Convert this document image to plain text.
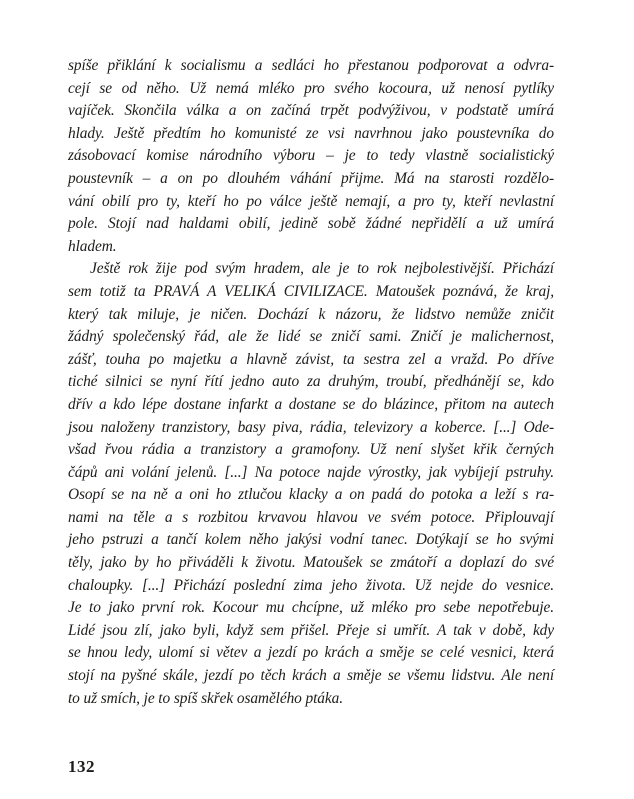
spíše přiklání k socialismu a sedláci ho přestanou podporovat a odvra-
cejí se od něho. Už nemá mléko pro svého kocoura, už nenosí pytlíky
vajíček. Skončila válka a on začíná trpět podvýživou, v podstatě umírá
hlady. Ještě předtím ho komunisté ze vsi navrhnou jako poustevníka do
zásobovací komise národního výboru – je to tedy vlastně socialistický
poustevník – a on po dlouhém váhání přijme. Má na starosti rozdělo-
vání obilí pro ty, kteří ho po válce ještě nemají, a pro ty, kteří nevlastní
pole. Stojí nad haldami obilí, jedině sobě žádné nepřidělí a už umírá
hladem.
Ještě rok žije pod svým hradem, ale je to rok nejbolestivější. Přichází
sem totiž ta PRAVÁ A VELIKÁ CIVILIZACE. Matoušek poznává, že kraj,
který tak miluje, je ničen. Dochází k názoru, že lidstvo nemůže zničit
žádný společenský řád, ale že lidé se zničí sami. Zničí je malichernost,
zášť, touha po majetku a hlavně závist, ta sestra zel a vražd. Po dříve
tiché silnici se nyní řítí jedno auto za druhým, troubí, předhánějí se, kdo
dřív a kdo lépe dostane infarkt a dostane se do blázince, přitom na autech
jsou naloženy tranzistory, basy piva, rádia, televizory a koberce. [...] Ode-
všad řvou rádia a tranzistory a gramofony. Už není slyšet křik černých
čápů ani volání jelenů. [...] Na potoce najde výrostky, jak vybíjejí pstruhy.
Osopí se na ně a oni ho ztlučou klacky a on padá do potoka a leží s ra-
nami na těle a s rozbitou krvavou hlavou ve svém potoce. Připlouvají
jeho pstruzi a tančí kolem něho jakýsi vodní tanec. Dotýkají se ho svými
těly, jako by ho přiváděli k životu. Matoušek se zmátoří a doplazí do své
chaloupky. [...] Přichází poslední zima jeho života. Už nejde do vesnice.
Je to jako první rok. Kocour mu chcípne, už mléko pro sebe nepotřebuje.
Lidé jsou zlí, jako byli, když sem přišel. Přeje si umřít. A tak v době, kdy
se hnou ledy, ulomí si větev a jezdí po krách a směje se celé vesnici, která
stojí na pyšné skále, jezdí po těch krách a směje se všemu lidstvu. Ale není
to už smích, je to spíš skřek osamělého ptáka.
132
